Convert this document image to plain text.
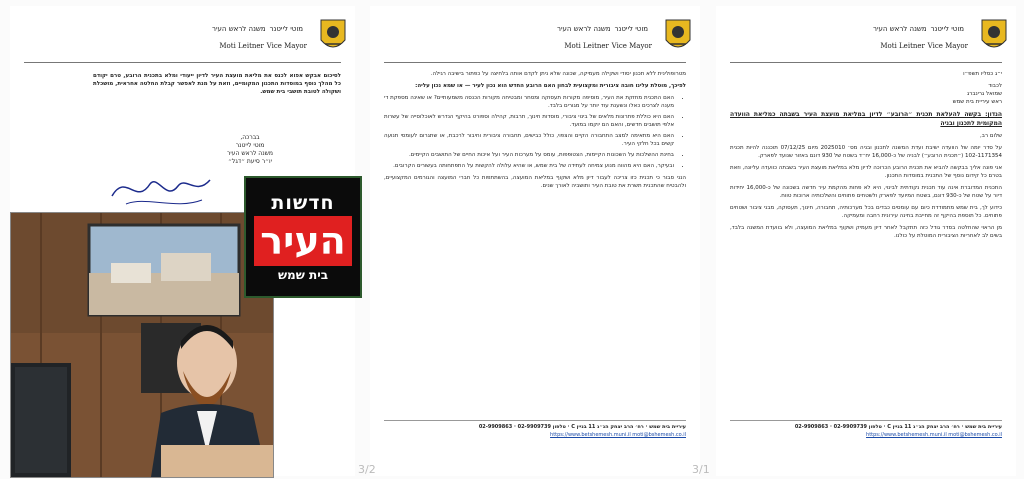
מוטי לייטנרמשנה לראש העיר
Moti Leitner Vice Mayor

לסיכום אבקש אפוא לכנס את מליאת מועצת העיר לדיון ייעודי ומלא בתכנית הרובע, טרם יקודם כל מהלך נוסף במוסדות התכנון המקומיים, וזאת על מנת לאפשר קבלת החלטה אחראית, מושכלת ושקולה לטובת תושבי בית שמש.

בברכה,
מוטי לייטנר
משנה לראש העיר
יו״ר סיעת ״דגל״
מוטי לייטנרמשנה לראש העיר
Moti Leitner Vice Mayor

מטרופולינית ללא תכנון יסודי ושקילה מעמיקה, שכונה שלא ניתן לקדם אותה בלחיצה על כפתור בישיבה רגילה.

לפיכך, מוטלת עלינו חובה ציבורית ומקצועית לבחון האם הרובע החדש הוא נכון לעיר — או שמא נכון עליה:

• האם התכנית מחזקת את העיר, מוסיפה מקורות תעסוקה ומסחר ומבטיחה מקורות הכנסה משמעותיים? או שאינה מספקת די מענה לצרכים כאלו ונשענת עוד יותר על מגורים בלבד.
• האם היא כוללת פתרונות מלאים של בינוי ציבורי, מוסדות חינוך, תרבות, קהילה וספורט בהיקף הנדרש לאוכלוסייה של עשרות אלפי תושבים חדשים, והאם הם יוקמו במועד.
• האם היא מתאימה למצב התחבורה הקיים והצפוי, כולל כבישים, תחבורה ציבורית וחיבור לרכבת, או שתגרום לעומסי תנועה קשים בכל חלקי העיר.
• בחינת ההשלכות על השכונות הקיימות, הצטופפות, עומס על מערכות העיר ועל איכות החיים של התושבים הקיימים.
• ובעיקר, האם היא מהווה מנוע צמיחה לעתידה של בית שמש, או שהיא עלולה להקשות על התפתחותה בעשורים הקרובים.

הנני סבור כי תכנית כזו צריכה לעבור דיון מלא ושקוף במליאת המועצה, בהשתתפות כל חברי המועצה והגורמים המקצועיים, ולהבטיח שהתכנית תשרת את טובת העיר ותושביה לאורך שנים.

עיריית בית שמש · רח׳ הרב יצחק הנ״ג 11 בניין C · טלפון 02-9909739 · 02-9909863
https://www.betshemesh.muni.il moti@bshemesh.co.il
3/2
מוטי לייטנרמשנה לראש העיר
Moti Leitner Vice Mayor

י״ג כסליו תשפ״ו

לכבוד
שמואל גרינברג
ראש עיריית בית שמש

הנדון: בקשה להעלאת תכנית ״הרובע״ לדיון במליאת מועצת העיר בשבתה כמליאת הוועדה המקומית לתכנון ובניה

שלום רב,

על סדר יומה של הוועדה ישיבת ועדת המשנה לתכנון ובניה מס׳ 2025010 מיום 07/12/25 תוכננה להיות תכנית 102-1171354 (״תכנית הרובע״) לבניה של כ-16,000 יח״ד בשטח של 930 דונם באזור שנועד לפארק.

אני פונה אליך בבקשה להביא את תכנית הרובע הכרוכה לדיון מלא במליאת מועצת העיר בשבתה כוועדה עליונה, וזאת בטרם כל קידום נוסף של התכנית במוסדות התכנון.

התכנית המדוברת אינה עוד תכנית נקודתית לבינוי, היא לא פחות מהקמת עיר חדשה בשכונה של כ-16,000 יחידות דיור על שטח של כ-930 דונם, בשטח המיועד לפארק ולשטחים פתוחים והשלכותיה ארוכות טווח.

כידוע לך, בית שמש מתמודדת כיום עם עומסים כבדים בכל מערכותיה, תחבורה, חינוך, תעסוקה, מבני ציבור ושטחים פתוחים. כל תוספת בהיקף זה מחייבת בחינה עירונית רחבה ומעמיקה.

מן הראוי שהחלטה בסדר גודל כזה תתקבל לאחר דיון מעמיק ושקוף במליאת המועצה, ולא בוועדת המשנה בלבד, בשים לב לאחריות הציבורית המוטלת על כולנו.

עיריית בית שמש · רח׳ הרב יצחק הנ״ג 11 בניין C · טלפון 02-9909739 · 02-9909863
https://www.betshemesh.muni.il moti@bshemesh.co.il
3/1
חדשות
העיר
בית שמש
